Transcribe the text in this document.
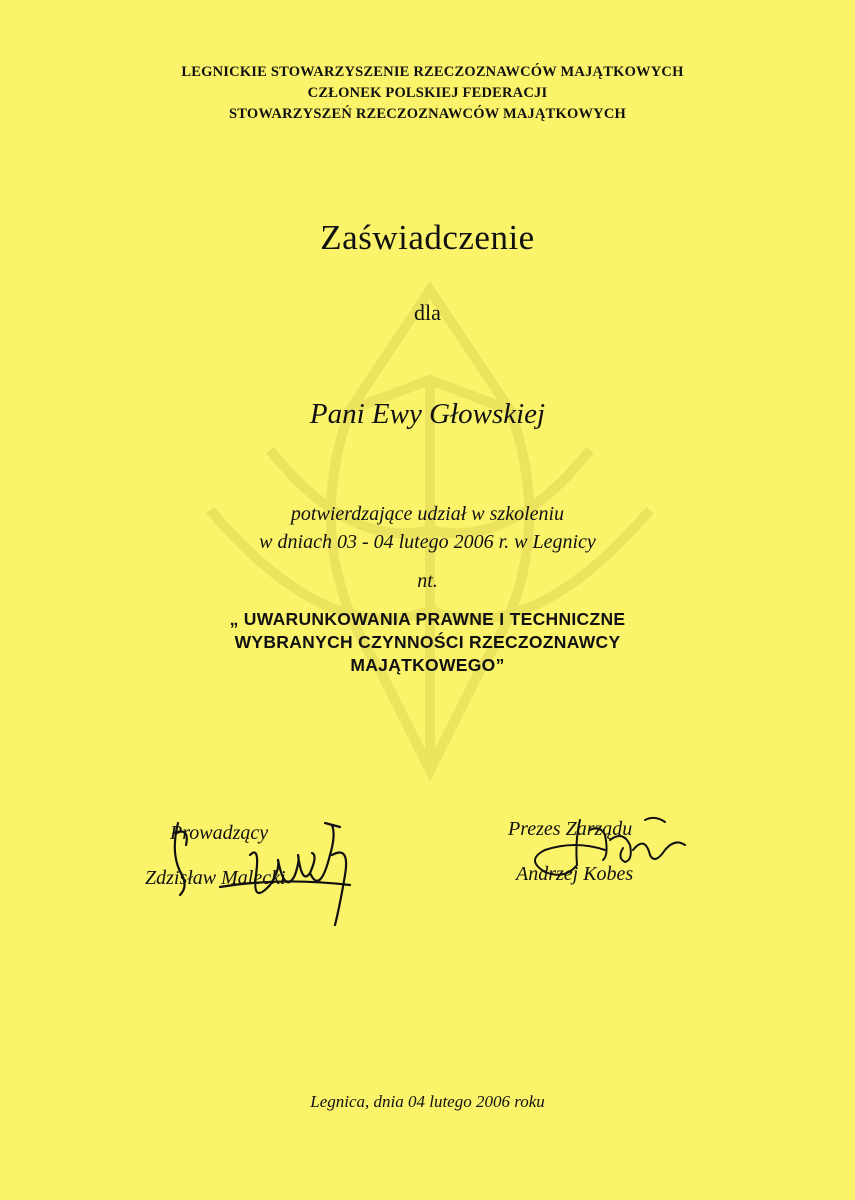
LEGNICKIE STOWARZYSZENIE RZECZOZNAWCÓW MAJĄTKOWYCH
CZŁONEK POLSKIEJ FEDERACJI
STOWARZYSZEŃ RZECZOZNAWCÓW MAJĄTKOWYCH
Zaświadczenie
dla
Pani Ewy Głowskiej
potwierdzające udział w szkoleniu
w dniach 03 - 04 lutego 2006 r. w Legnicy
nt.
„ UWARUNKOWANIA PRAWNE I TECHNICZNE
WYBRANYCH CZYNNOŚCI RZECZOZNAWCY
MAJĄTKOWEGO”
Prowadzący
Zdzisław Malecki
Prezes Zarządu
Andrzej Kobes
Legnica, dnia 04 lutego 2006 roku
